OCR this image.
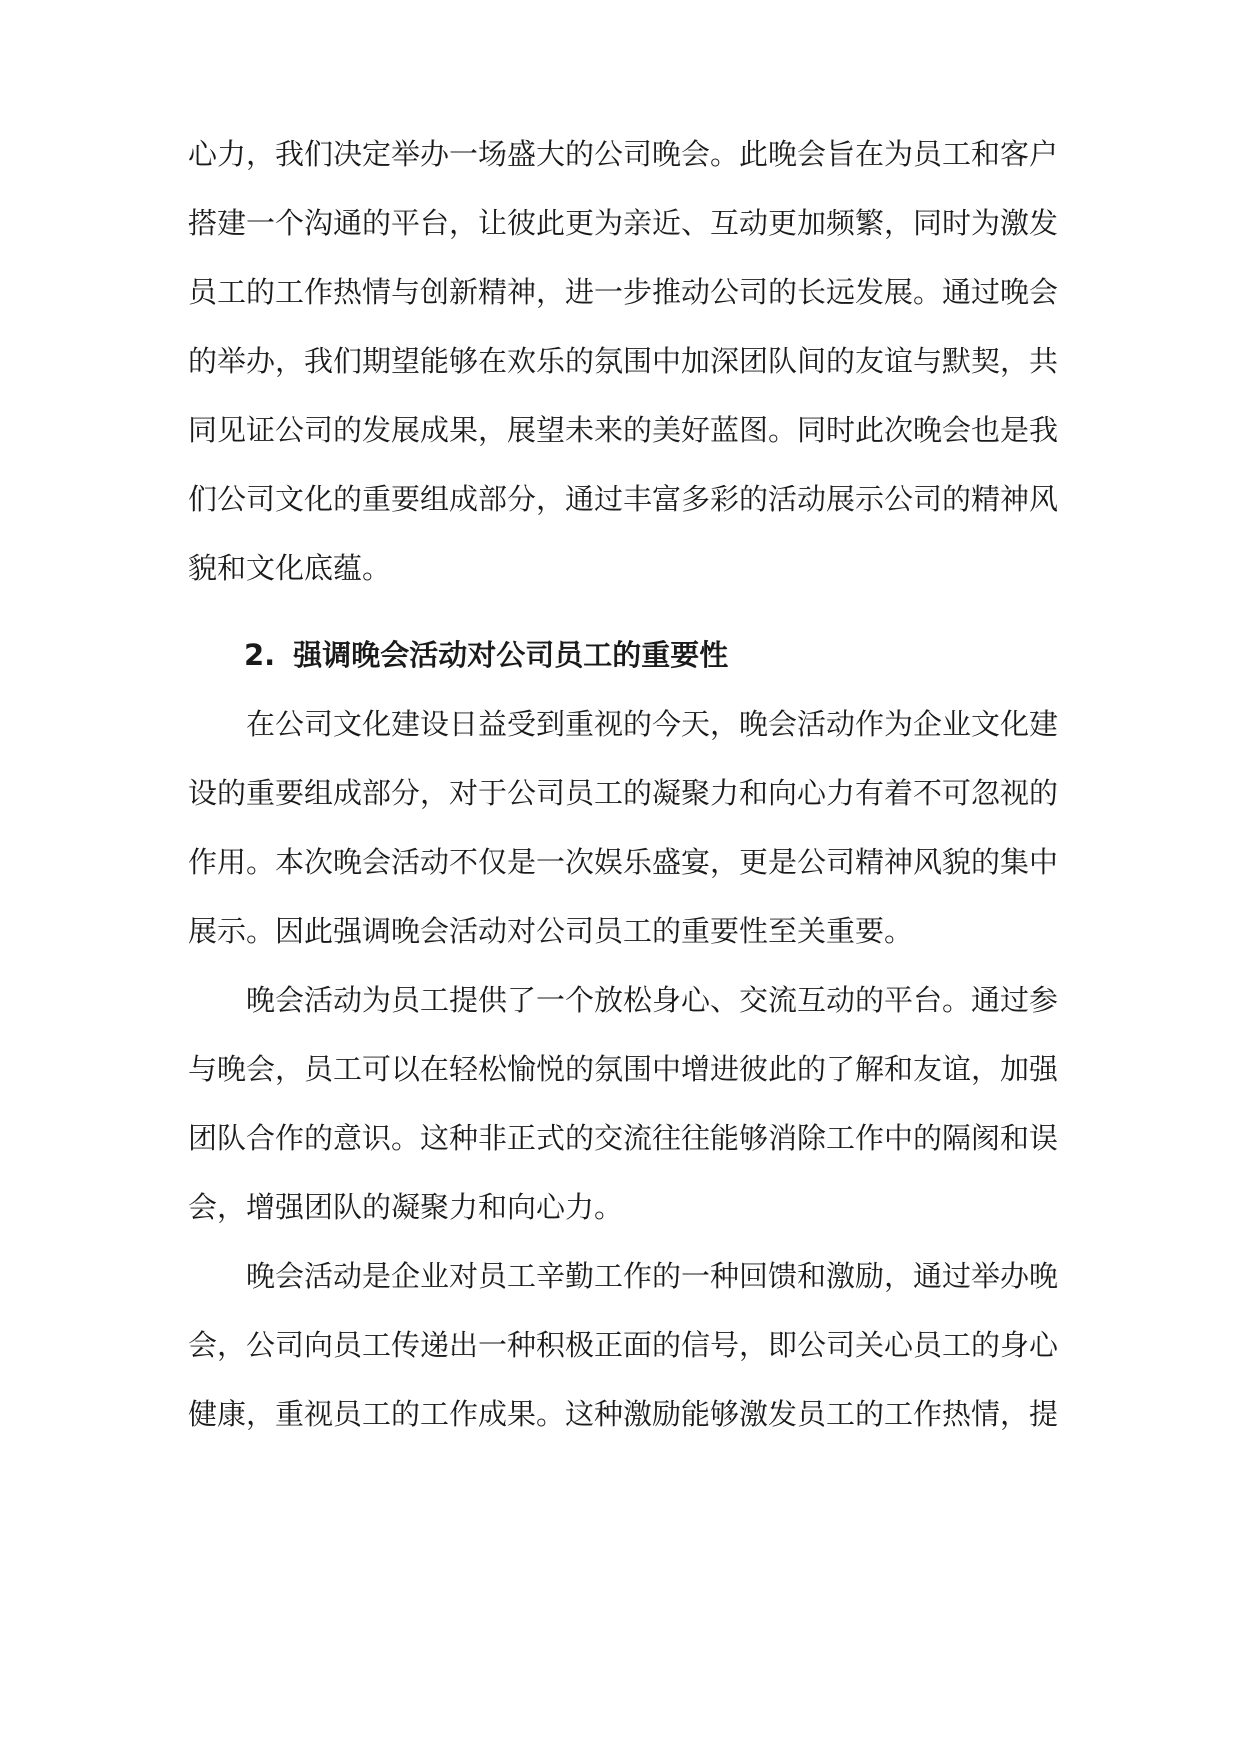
心力，我们决定举办一场盛大的公司晚会。此晚会旨在为员工和客户
搭建一个沟通的平台，让彼此更为亲近、互动更加频繁，同时为激发
员工的工作热情与创新精神，进一步推动公司的长远发展。通过晚会
的举办，我们期望能够在欢乐的氛围中加深团队间的友谊与默契，共
同见证公司的发展成果，展望未来的美好蓝图。同时此次晚会也是我
们公司文化的重要组成部分，通过丰富多彩的活动展示公司的精神风
貌和文化底蕴。
2. 强调晚会活动对公司员工的重要性
在公司文化建设日益受到重视的今天，晚会活动作为企业文化建
设的重要组成部分，对于公司员工的凝聚力和向心力有着不可忽视的
作用。本次晚会活动不仅是一次娱乐盛宴，更是公司精神风貌的集中
展示。因此强调晚会活动对公司员工的重要性至关重要。
晚会活动为员工提供了一个放松身心、交流互动的平台。通过参
与晚会，员工可以在轻松愉悦的氛围中增进彼此的了解和友谊，加强
团队合作的意识。这种非正式的交流往往能够消除工作中的隔阂和误
会，增强团队的凝聚力和向心力。
晚会活动是企业对员工辛勤工作的一种回馈和激励，通过举办晚
会，公司向员工传递出一种积极正面的信号，即公司关心员工的身心
健康，重视员工的工作成果。这种激励能够激发员工的工作热情，提
